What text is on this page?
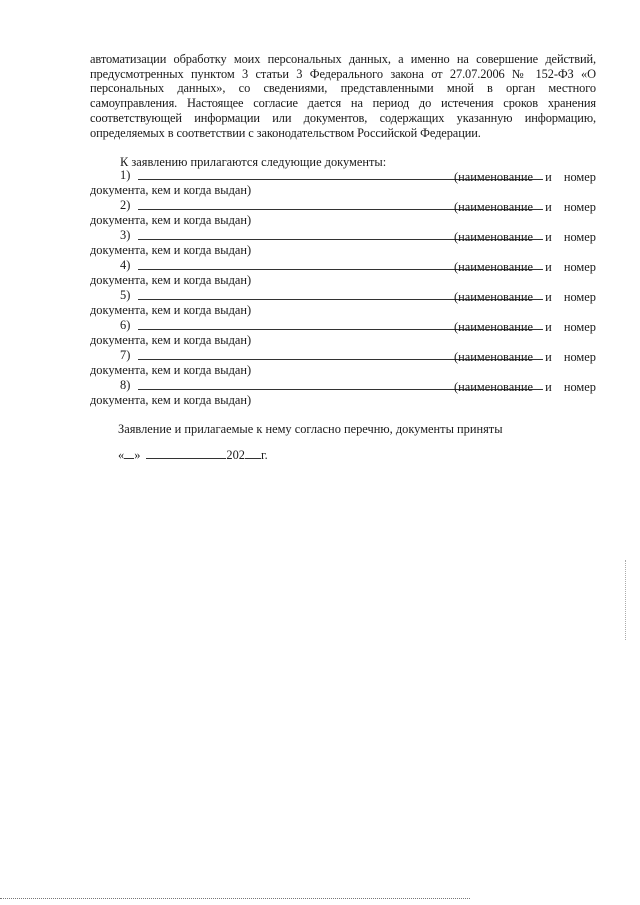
автоматизации обработку моих персональных данных, а именно на совершение действий,
предусмотренных пунктом 3 статьи 3 Федерального закона от 27.07.2006 № 152-ФЗ «О
персональных данных», со сведениями, представленными мной в орган местного
самоуправления. Настоящее согласие дается на период до истечения сроков хранения
соответствующей информации или документов, содержащих указанную информацию,
определяемых в соответствии с законодательством Российской Федерации.
К заявлению прилагаются следующие документы:
1)	(наименование и номер
документа, кем и когда выдан)
2)	(наименование и номер
документа, кем и когда выдан)
3)	(наименование и номер
документа, кем и когда выдан)
4)	(наименование и номер
документа, кем и когда выдан)
5)	(наименование и номер
документа, кем и когда выдан)
6)	(наименование и номер
документа, кем и когда выдан)
7)	(наименование и номер
документа, кем и когда выдан)
8)	(наименование и номер
документа, кем и когда выдан)
Заявление и прилагаемые к нему согласно перечню, документы приняты
« »	202 г.
